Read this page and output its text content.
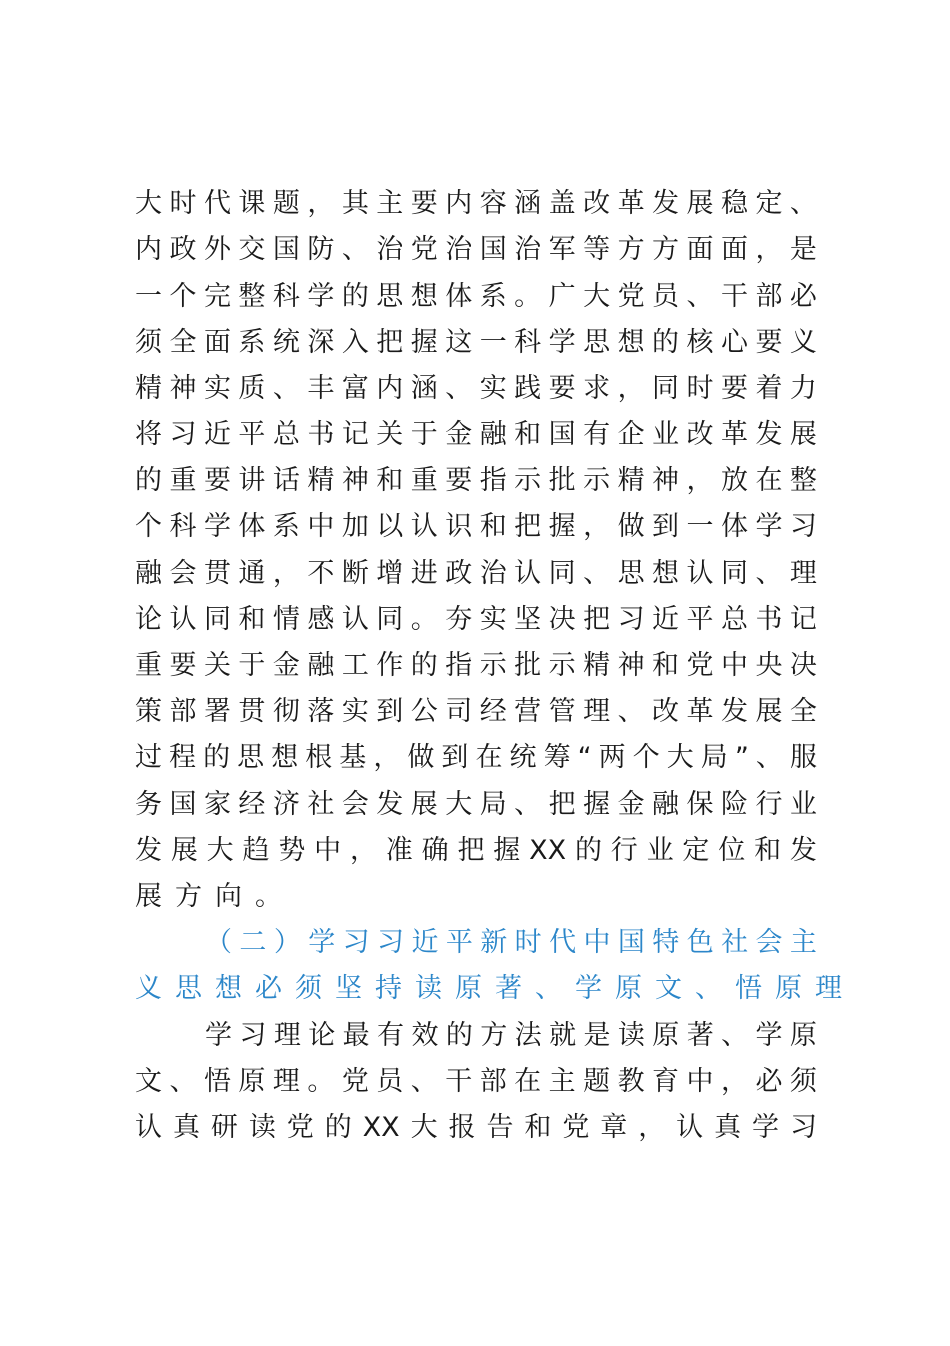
大 时 代 课 题 ， 其 主 要 内 容 涵 盖 改 革 发 展 稳 定 、
内 政 外 交 国 防 、 治 党 治 国 治 军 等 方 方 面 面 ， 是
一 个 完 整 科 学 的 思 想 体 系 。 广 大 党 员 、 干 部 必
须 全 面 系 统 深 入 把 握 这 一 科 学 思 想 的 核 心 要 义
精 神 实 质 、 丰 富 内 涵 、 实 践 要 求 ， 同 时 要 着 力
将 习 近 平 总 书 记 关 于 金 融 和 国 有 企 业 改 革 发 展
的 重 要 讲 话 精 神 和 重 要 指 示 批 示 精 神 ， 放 在 整
个 科 学 体 系 中 加 以 认 识 和 把 握 ， 做 到 一 体 学 习
融 会 贯 通 ， 不 断 增 进 政 治 认 同 、 思 想 认 同 、 理
论 认 同 和 情 感 认 同 。 夯 实 坚 决 把 习 近 平 总 书 记
重 要 关 于 金 融 工 作 的 指 示 批 示 精 神 和 党 中 央 决
策 部 署 贯 彻 落 实 到 公 司 经 营 管 理 、 改 革 发 展 全
过 程 的 思 想 根 基 ， 做 到 在 统 筹 “ 两 个 大 局 ” 、 服
务 国 家 经 济 社 会 发 展 大 局 、 把 握 金 融 保 险 行 业
发 展 大 趋 势 中 ， 准 确 把 握 XX 的 行 业 定 位 和 发
展 方 向 。
（ 二 ） 学 习 习 近 平 新 时 代 中 国 特 色 社 会 主
义 思 想 必 须 坚 持 读 原 著 、 学 原 文 、 悟 原 理
学 习 理 论 最 有 效 的 方 法 就 是 读 原 著 、 学 原
文 、 悟 原 理 。 党 员 、 干 部 在 主 题 教 育 中 ， 必 须
认 真 研 读 党 的 XX 大 报 告 和 党 章 ， 认 真 学 习
